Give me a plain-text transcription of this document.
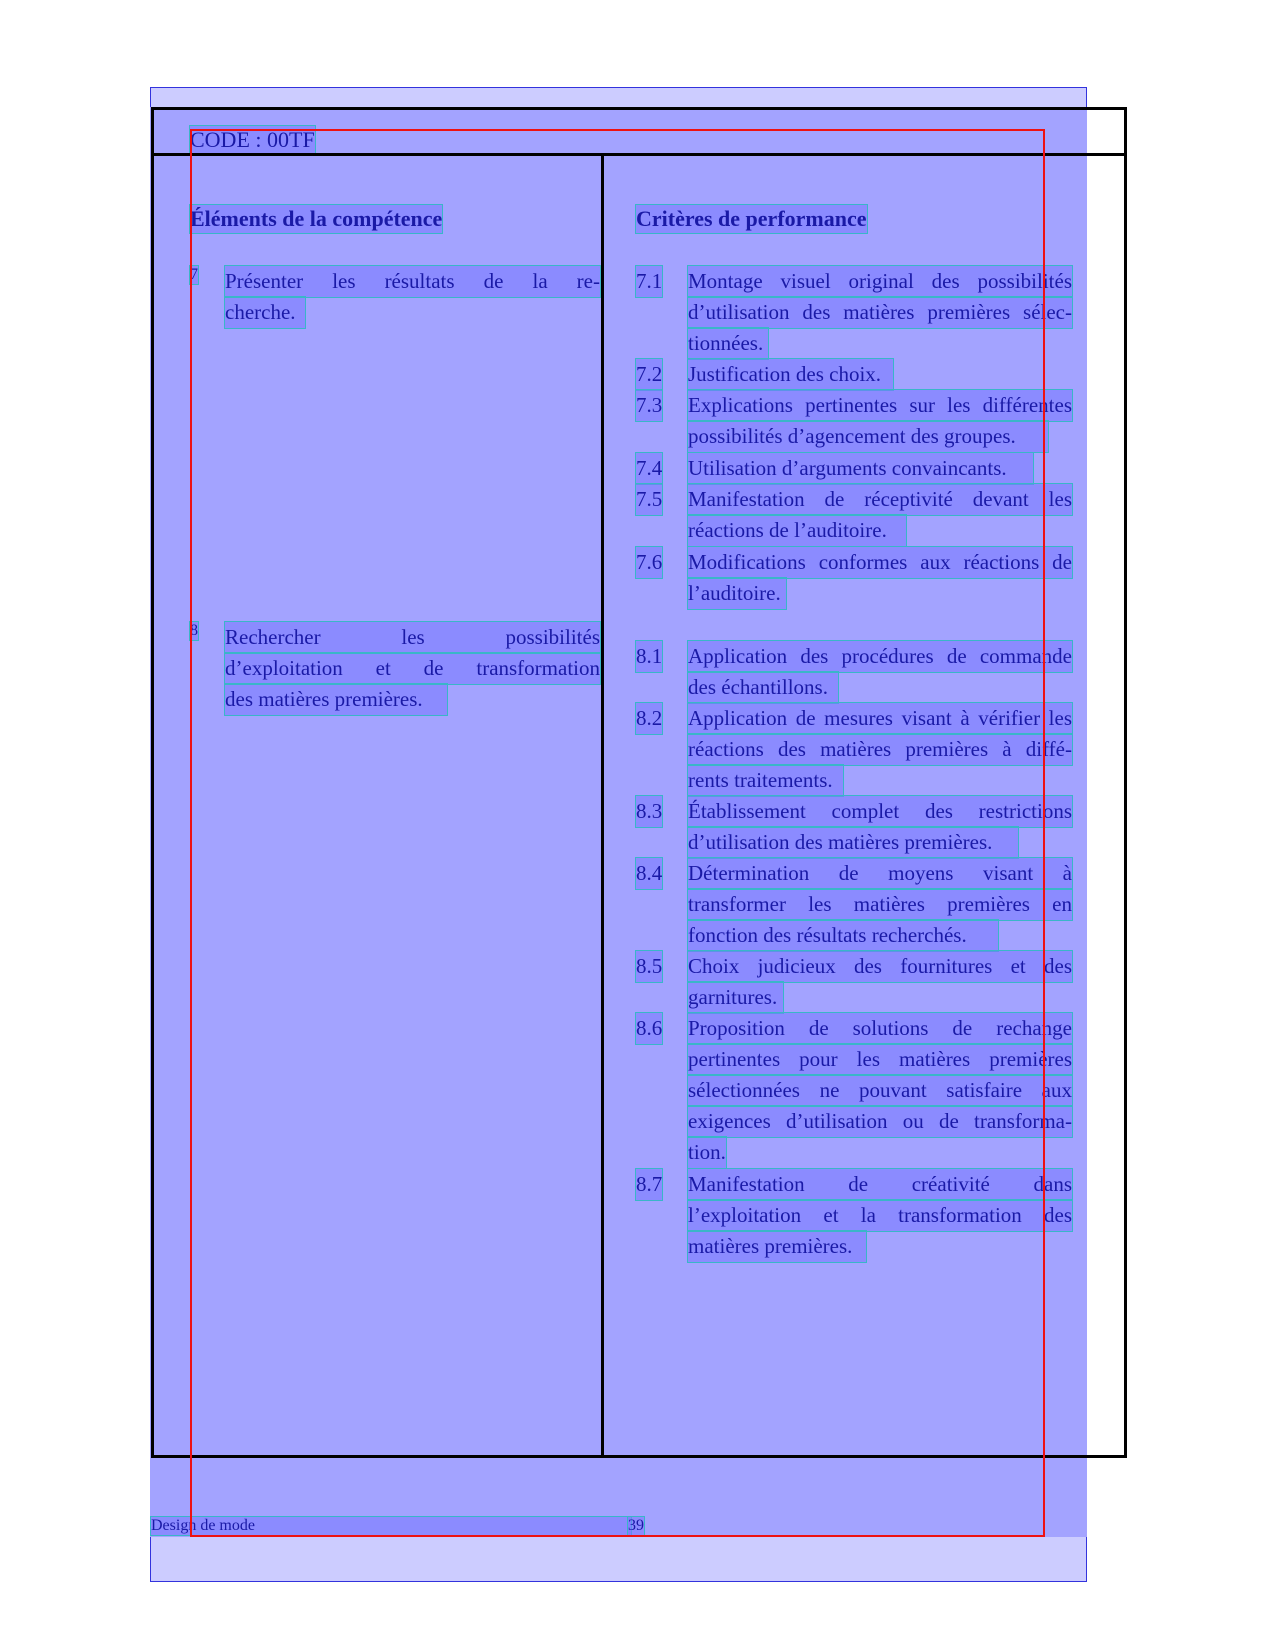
CODE : 00TF
Éléments de la compétence	Critères de performance
7 Présenter les résultats de la re-
cherche.
8 Rechercher les possibilités
d’exploitation et de transformation
des matières premières.
7.1 Montage visuel original des possibilités
d’utilisation des matières premières sélec-
tionnées.
7.2 Justification des choix.
7.3 Explications pertinentes sur les différentes
possibilités d’agencement des groupes.
7.4 Utilisation d’arguments convaincants.
7.5 Manifestation de réceptivité devant les
réactions de l’auditoire.
7.6 Modifications conformes aux réactions de
l’auditoire.
8.1 Application des procédures de commande
des échantillons.
8.2 Application de mesures visant à vérifier les
réactions des matières premières à diffé-
rents traitements.
8.3 Établissement complet des restrictions
d’utilisation des matières premières.
8.4 Détermination de moyens visant à
transformer les matières premières en
fonction des résultats recherchés.
8.5 Choix judicieux des fournitures et des
garnitures.
8.6 Proposition de solutions de rechange
pertinentes pour les matières premières
sélectionnées ne pouvant satisfaire aux
exigences d’utilisation ou de transforma-
tion.
8.7 Manifestation de créativité dans
l’exploitation et la transformation des
matières premières.
Design de mode	39
